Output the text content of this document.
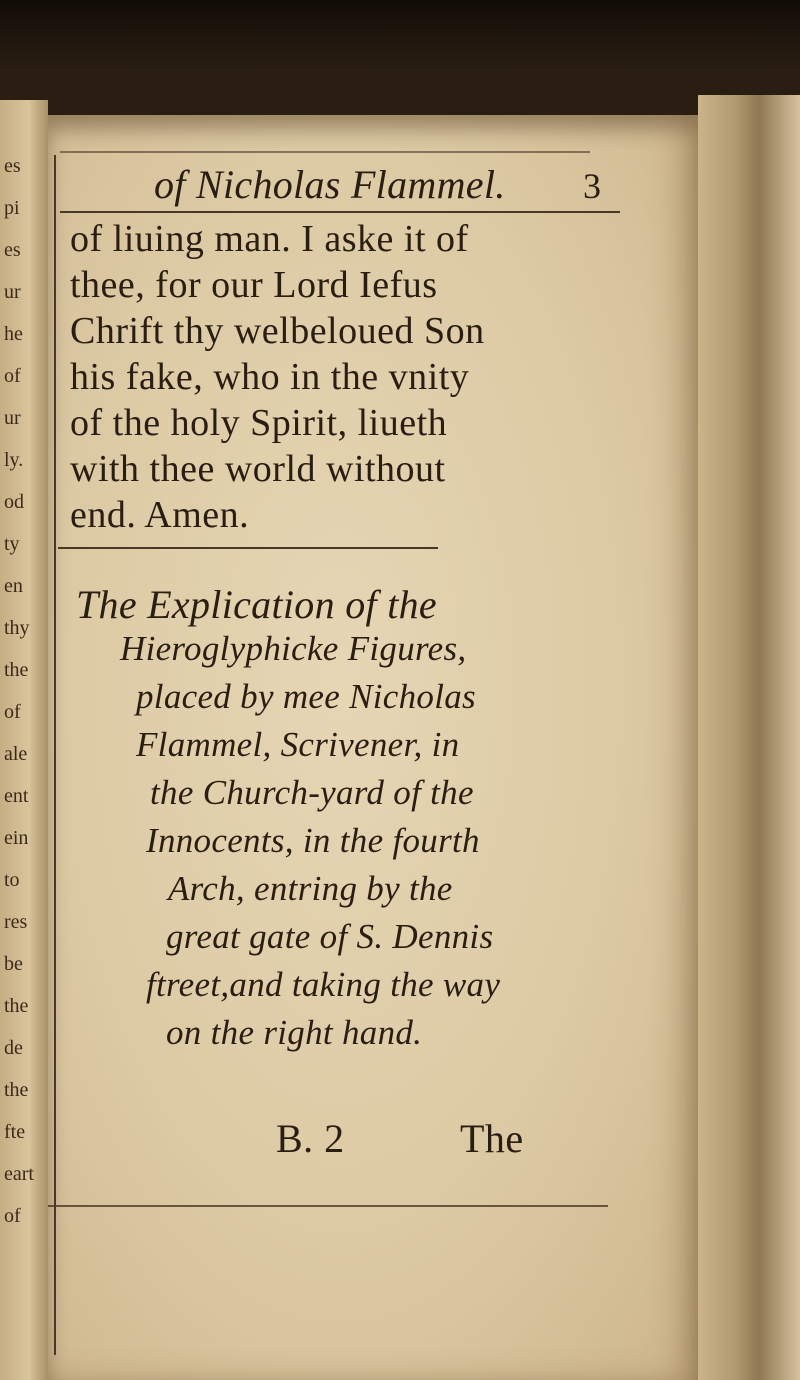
es
pi
es
ur
he
of
ur
ly.
od
ty
en
thy
the
of
ale
ent
ein
to
res
be
the
de
the
fte
eart
of
of Nicholas Flammel. 3
of liuing man. I aske it of
thee, for our Lord Iefus
Chrift thy welbeloued Son
his fake, who in the vnity
of the holy Spirit, liueth
with thee world without
end. Amen.
The Explication of the
Hieroglyphicke Figures,
placed by mee Nicholas
Flammel, Scrivener, in
the Church-yard of the
Innocents, in the fourth
Arch, entring by the
great gate of S. Dennis
ftreet,and taking the way
on the right hand.
B. 2	The
